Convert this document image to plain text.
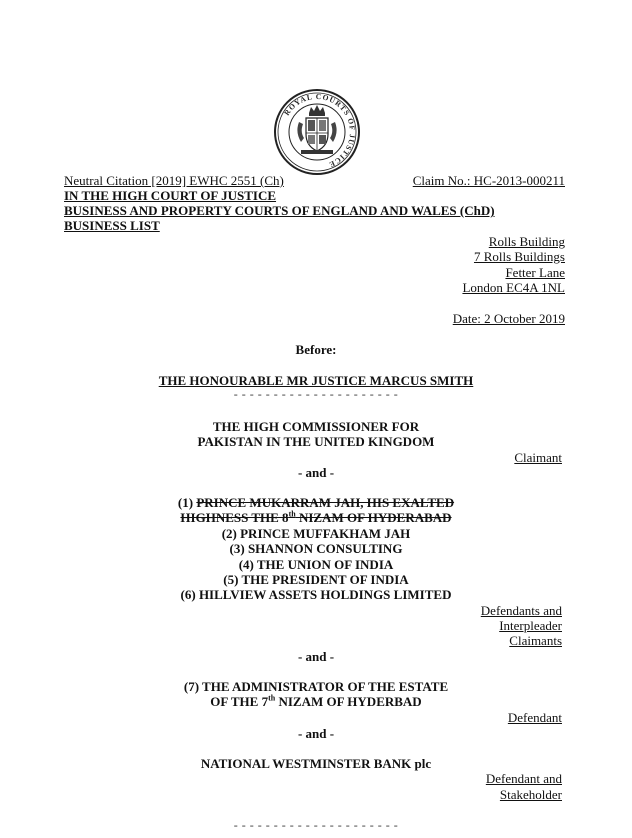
ROYAL COURTS OF JUSTICE
Neutral Citation [2019] EWHC 2551 (Ch)	Claim No.: HC-2013-000211
IN THE HIGH COURT OF JUSTICE
BUSINESS AND PROPERTY COURTS OF ENGLAND AND WALES (ChD)
BUSINESS LIST
Rolls Building
7 Rolls Buildings
Fetter Lane
London EC4A 1NL
Date: 2 October 2019
Before:
THE HONOURABLE MR JUSTICE MARCUS SMITH
- - - - - - - - - - - - - - - - - - - - -
THE HIGH COMMISSIONER FOR
PAKISTAN IN THE UNITED KINGDOM
Claimant
- and -
(1) PRINCE MUKARRAM JAH, HIS EXALTED
HIGHNESS THE 8th NIZAM OF HYDERABAD
(2) PRINCE MUFFAKHAM JAH
(3) SHANNON CONSULTING
(4) THE UNION OF INDIA
(5) THE PRESIDENT OF INDIA
(6) HILLVIEW ASSETS HOLDINGS LIMITED
Defendants and
Interpleader
Claimants
- and -
(7) THE ADMINISTRATOR OF THE ESTATE
OF THE 7th NIZAM OF HYDERBAD
Defendant
- and -
NATIONAL WESTMINSTER BANK plc
Defendant and
Stakeholder
- - - - - - - - - - - - - - - - - - - - -
